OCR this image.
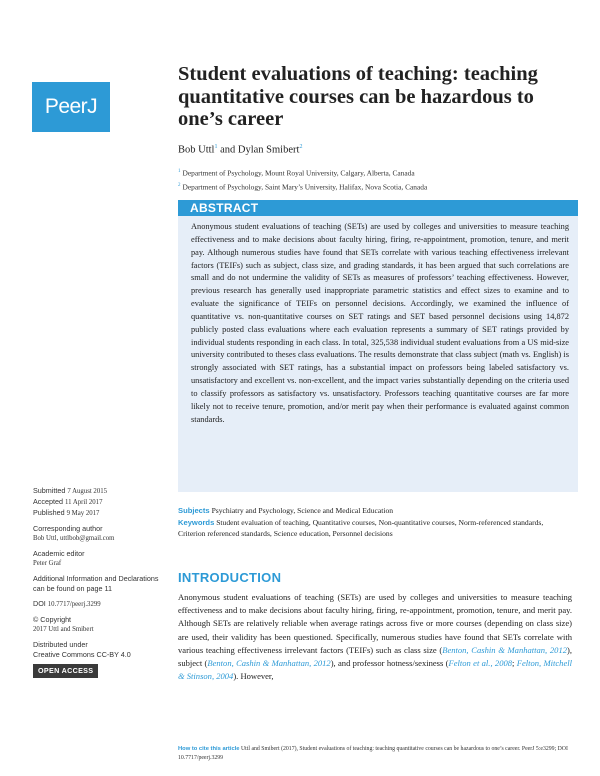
PeerJ
Student evaluations of teaching: teaching quantitative courses can be hazardous to one’s career
Bob Uttl$^1$ and Dylan Smibert$^2$
$^1$ Department of Psychology, Mount Royal University, Calgary, Alberta, Canada
$^2$ Department of Psychology, Saint Mary’s University, Halifax, Nova Scotia, Canada
ABSTRACT

Anonymous student evaluations of teaching (SETs) are used by colleges and universities to measure teaching effectiveness and to make decisions about faculty hiring, firing, re-appointment, promotion, tenure, and merit pay. Although numerous studies have found that SETs correlate with various teaching effectiveness irrelevant factors (TEIFs) such as subject, class size, and grading standards, it has been argued that such correlations are small and do not undermine the validity of SETs as measures of professors’ teaching effectiveness. However, previous research has generally used inappropriate parametric statistics and effect sizes to examine and to evaluate the significance of TEIFs on personnel decisions. Accordingly, we examined the influence of quantitative vs. non-quantitative courses on SET ratings and SET based personnel decisions using 14,872 publicly posted class evaluations where each evaluation represents a summary of SET ratings provided by individual students responding in each class. In total, 325,538 individual student evaluations from a US mid-size university contributed to theses class evaluations. The results demonstrate that class subject (math vs. English) is strongly associated with SET ratings, has a substantial impact on professors being labeled satisfactory vs. unsatisfactory and excellent vs. non-excellent, and the impact varies substantially depending on the criteria used to classify professors as satisfactory vs. unsatisfactory. Professors teaching quantitative courses are far more likely not to receive tenure, promotion, and/or merit pay when their performance is evaluated against common standards.

Subjects Psychiatry and Psychology, Science and Medical Education
Keywords Student evaluation of teaching, Quantitative courses, Non-quantitative courses, Norm-referenced standards, Criterion referenced standards, Science education, Personnel decisions
Submitted 7 August 2015
Accepted 11 April 2017
Published 9 May 2017
Corresponding author
Bob Uttl, uttlbob@gmail.com
Academic editor
Peter Graf
Additional Information and Declarations can be found on page 11
DOI 10.7717/peerj.3299
© Copyright
2017 Uttl and Smibert
Distributed under
Creative Commons CC-BY 4.0
OPEN ACCESS
INTRODUCTION

Anonymous student evaluations of teaching (SETs) are used by colleges and universities to measure teaching effectiveness and to make decisions about faculty hiring, firing, re-appointment, promotion, tenure, and merit pay. Although SETs are relatively reliable when average ratings across five or more courses (depending on class size) are used, their validity has been questioned. Specifically, numerous studies have found that SETs correlate with various teaching effectiveness irrelevant factors (TEIFs) such as class size (Benton, Cashin & Manhattan, 2012), subject (Benton, Cashin & Manhattan, 2012), and professor hotness/sexiness (Felton et al., 2008; Felton, Mitchell & Stinson, 2004). However,

How to cite this article Uttl and Smibert (2017), Student evaluations of teaching: teaching quantitative courses can be hazardous to one’s career. PeerJ 5:e3299; DOI 10.7717/peerj.3299
